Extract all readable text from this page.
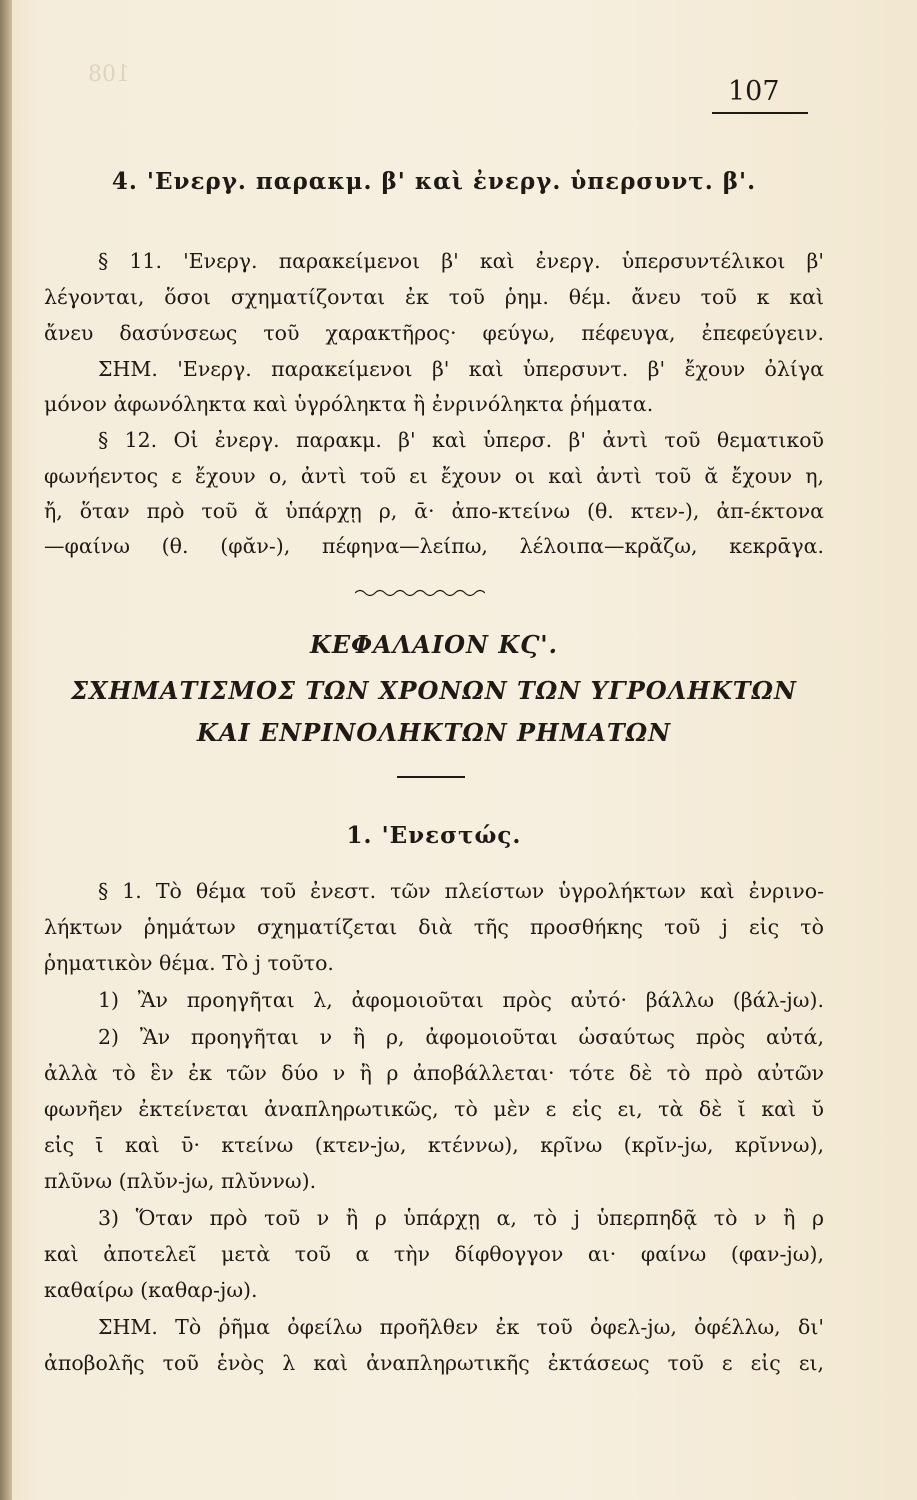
108
107
4. 'Ενεργ. παρακμ. β' καὶ ἐνεργ. ὑπερσυντ. β'.
§ 11. 'Ενεργ. παρακείμενοι β' καὶ ἐνεργ. ὑπερσυντέλικοι β'
λέγονται, ὅσοι σχηματίζονται ἐκ τοῦ ῥημ. θέμ. ἄνευ τοῦ κ καὶ
ἄνευ δασύνσεως τοῦ χαρακτῆρος· φεύγω, πέφευγα, ἐπεφεύγειν.
ΣΗΜ. 'Ενεργ. παρακείμενοι β' καὶ ὑπερσυντ. β' ἔχουν ὀλίγα
μόνον ἀφωνόληκτα καὶ ὑγρόληκτα ἢ ἐνρινόληκτα ῥήματα.
§ 12. Οἱ ἐνεργ. παρακμ. β' καὶ ὑπερσ. β' ἀντὶ τοῦ θεματικοῦ
φωνήεντος ε ἔχουν ο, ἀντὶ τοῦ ει ἔχουν οι καὶ ἀντὶ τοῦ ᾰ ἔχουν η,
ἤ, ὅταν πρὸ τοῦ ᾰ ὑπάρχῃ ρ, ᾱ· ἀπο-κτείνω (θ. κτεν-), ἀπ-έκτονα
—φαίνω (θ. (φᾰν-), πέφηνα—λείπω, λέλοιπα—κρᾰζω, κεκρᾱγα.
ΚΕΦΑΛΑΙΟΝ ΚϚ'.
ΣΧΗΜΑΤΙΣΜΟΣ ΤΩΝ ΧΡΟΝΩΝ ΤΩΝ ΥΓΡΟΛΗΚΤΩΝ
ΚΑΙ ΕΝΡΙΝΟΛΗΚΤΩΝ ΡΗΜΑΤΩΝ
1. 'Ενεστώς.
§ 1. Τὸ θέμα τοῦ ἐνεστ. τῶν πλείστων ὑγρολήκτων καὶ ἐνρινο-
λήκτων ῥημάτων σχηματίζεται διὰ τῆς προσθήκης τοῦ j εἰς τὸ
ῥηματικὸν θέμα. Τὸ j τοῦτο.
1) Ἂν προηγῆται λ, ἀφομοιοῦται πρὸς αὐτό· βάλλω (βάλ-jω).
2) Ἂν προηγῆται ν ἢ ρ, ἀφομοιοῦται ὡσαύτως πρὸς αὐτά,
ἀλλὰ τὸ ἓν ἐκ τῶν δύο ν ἢ ρ ἀποβάλλεται· τότε δὲ τὸ πρὸ αὐτῶν
φωνῆεν ἐκτείνεται ἀναπληρωτικῶς, τὸ μὲν ε εἰς ει, τὰ δὲ ῐ καὶ ῠ
εἰς ῑ καὶ ῡ· κτείνω (κτεν-jω, κτέννω), κρῖνω (κρῐν-jω, κρῐννω),
πλῦνω (πλῠν-jω, πλῠννω).
3) Ὅταν πρὸ τοῦ ν ἢ ρ ὑπάρχῃ α, τὸ j ὑπερπηδᾷ τὸ ν ἢ ρ
καὶ ἀποτελεῖ μετὰ τοῦ α τὴν δίφθογγον αι· φαίνω (φαν-jω),
καθαίρω (καθαρ-jω).
ΣΗΜ. Τὸ ῥῆμα ὀφείλω προῆλθεν ἐκ τοῦ ὀφελ-jω, ὀφέλλω, δι'
ἀποβολῆς τοῦ ἑνὸς λ καὶ ἀναπληρωτικῆς ἐκτάσεως τοῦ ε εἰς ει,
